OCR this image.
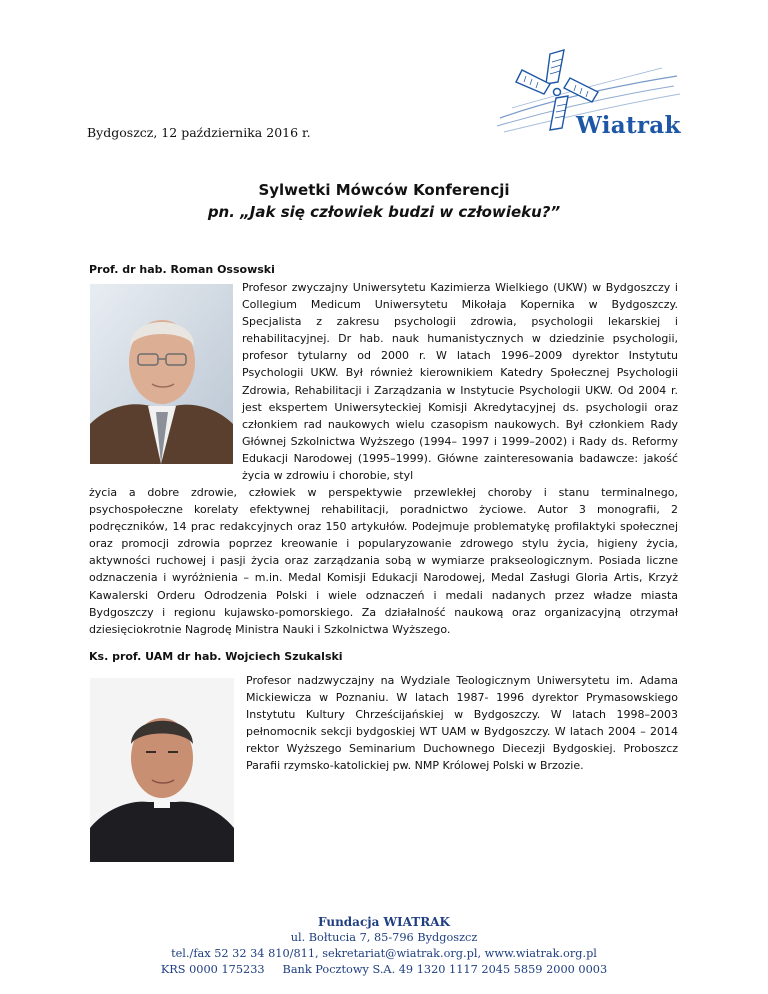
Bydgoszcz, 12 października 2016 r.	Wiatrak
Sylwetki Mówców Konferencji
pn. „Jak się człowiek budzi w człowieku?”
Prof. dr hab. Roman Ossowski

Profesor zwyczajny Uniwersytetu Kazimierza Wielkiego (UKW) w Bydgoszczy i Collegium Medicum Uniwersytetu Mikołaja Kopernika w Bydgoszczy. Specjalista z zakresu psychologii zdrowia, psychologii lekarskiej i rehabilitacyjnej. Dr hab. nauk humanistycznych w dziedzinie psychologii, profesor tytularny od 2000 r. W latach 1996–2009 dyrektor Instytutu Psychologii UKW. Był również kierownikiem Katedry Społecznej Psychologii Zdrowia, Rehabilitacji i Zarządzania w Instytucie Psychologii UKW. Od 2004 r. jest ekspertem Uniwersyteckiej Komisji Akredytacyjnej ds. psychologii oraz członkiem rad naukowych wielu czasopism naukowych. Był członkiem Rady Głównej Szkolnictwa Wyższego (1994– 1997 i 1999–2002) i Rady ds. Reformy Edukacji Narodowej (1995–1999). Główne zainteresowania badawcze: jakość życia w zdrowiu i chorobie, styl

życia a dobre zdrowie, człowiek w perspektywie przewlekłej choroby i stanu terminalnego, psychospołeczne korelaty efektywnej rehabilitacji, poradnictwo życiowe. Autor 3 monografii, 2 podręczników, 14 prac redakcyjnych oraz 150 artykułów. Podejmuje problematykę profilaktyki społecznej oraz promocji zdrowia poprzez kreowanie i popularyzowanie zdrowego stylu życia, higieny życia, aktywności ruchowej i pasji życia oraz zarządzania sobą w wymiarze prakseologicznym. Posiada liczne odznaczenia i wyróżnienia – m.in. Medal Komisji Edukacji Narodowej, Medal Zasługi Gloria Artis, Krzyż Kawalerski Orderu Odrodzenia Polski i wiele odznaczeń i medali nadanych przez władze miasta Bydgoszczy i regionu kujawsko-pomorskiego. Za działalność naukową oraz organizacyjną otrzymał dziesięciokrotnie Nagrodę Ministra Nauki i Szkolnictwa Wyższego.

Ks. prof. UAM dr hab. Wojciech Szukalski

Profesor nadzwyczajny na Wydziale Teologicznym Uniwersytetu im. Adama Mickiewicza w Poznaniu. W latach 1987- 1996 dyrektor Prymasowskiego Instytutu Kultury Chrześcijańskiej w Bydgoszczy. W latach 1998–2003 pełnomocnik sekcji bydgoskiej WT UAM w Bydgoszczy. W latach 2004 – 2014 rektor Wyższego Seminarium Duchownego Diecezji Bydgoskiej. Proboszcz Parafii rzymsko-katolickiej pw. NMP Królowej Polski w Brzozie.

Fundacja WIATRAK
ul. Bołtucia 7, 85-796 Bydgoszcz
tel./fax 52 32 34 810/811, sekretariat@wiatrak.org.pl, www.wiatrak.org.pl
KRS 0000 175233     Bank Pocztowy S.A. 49 1320 1117 2045 5859 2000 0003
